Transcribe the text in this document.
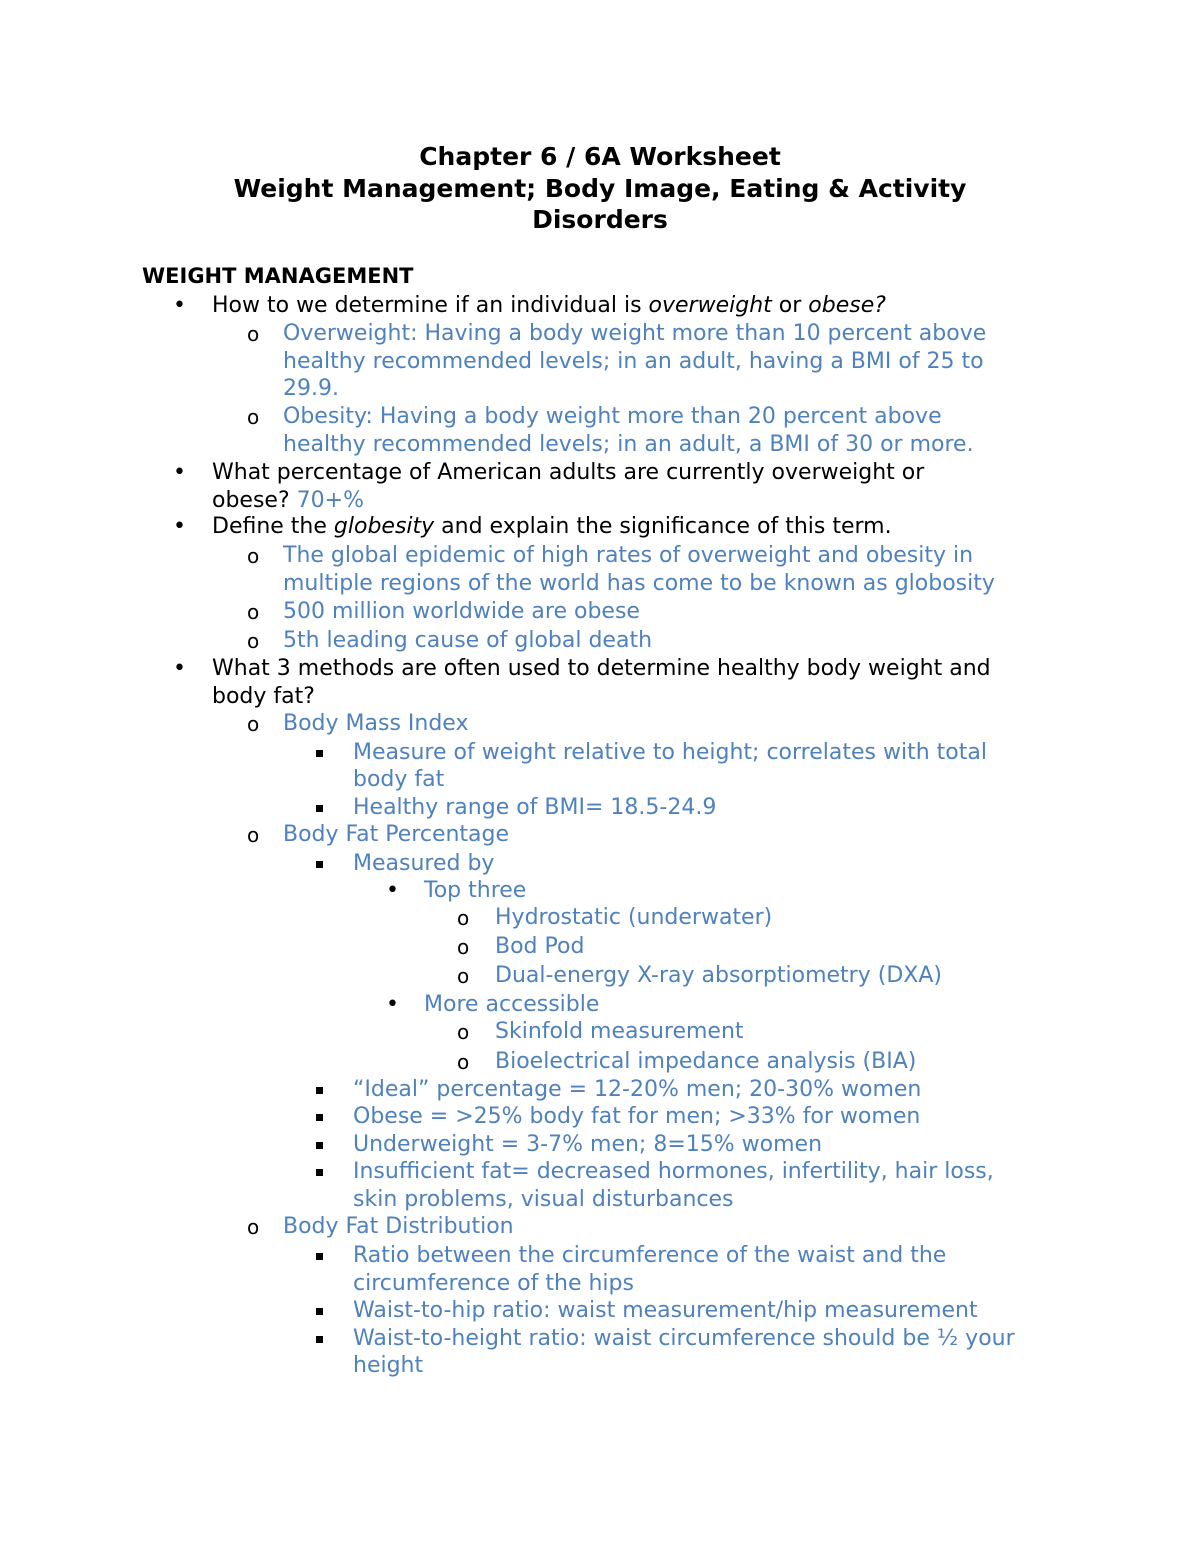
Chapter 6 / 6A Worksheet
Weight Management; Body Image, Eating & Activity
Disorders
WEIGHT MANAGEMENT
• How to we determine if an individual is overweight or obese?
o Overweight: Having a body weight more than 10 percent above
healthy recommended levels; in an adult, having a BMI of 25 to
29.9.
o Obesity: Having a body weight more than 20 percent above
healthy recommended levels; in an adult, a BMI of 30 or more.
• What percentage of American adults are currently overweight or
obese? 70+%
• Define the globesity and explain the significance of this term.
o The global epidemic of high rates of overweight and obesity in
multiple regions of the world has come to be known as globosity
o 500 million worldwide are obese
o 5th leading cause of global death
• What 3 methods are often used to determine healthy body weight and
body fat?
o Body Mass Index
Measure of weight relative to height; correlates with total
body fat
Healthy range of BMI= 18.5-24.9
o Body Fat Percentage
Measured by
• Top three
o Hydrostatic (underwater)
o Bod Pod
o Dual-energy X-ray absorptiometry (DXA)
• More accessible
o Skinfold measurement
o Bioelectrical impedance analysis (BIA)
“Ideal” percentage = 12-20% men; 20-30% women
Obese = >25% body fat for men; >33% for women
Underweight = 3-7% men; 8=15% women
Insufficient fat= decreased hormones, infertility, hair loss,
skin problems, visual disturbances
o Body Fat Distribution
Ratio between the circumference of the waist and the
circumference of the hips
Waist-to-hip ratio: waist measurement/hip measurement
Waist-to-height ratio: waist circumference should be ½ your
height
